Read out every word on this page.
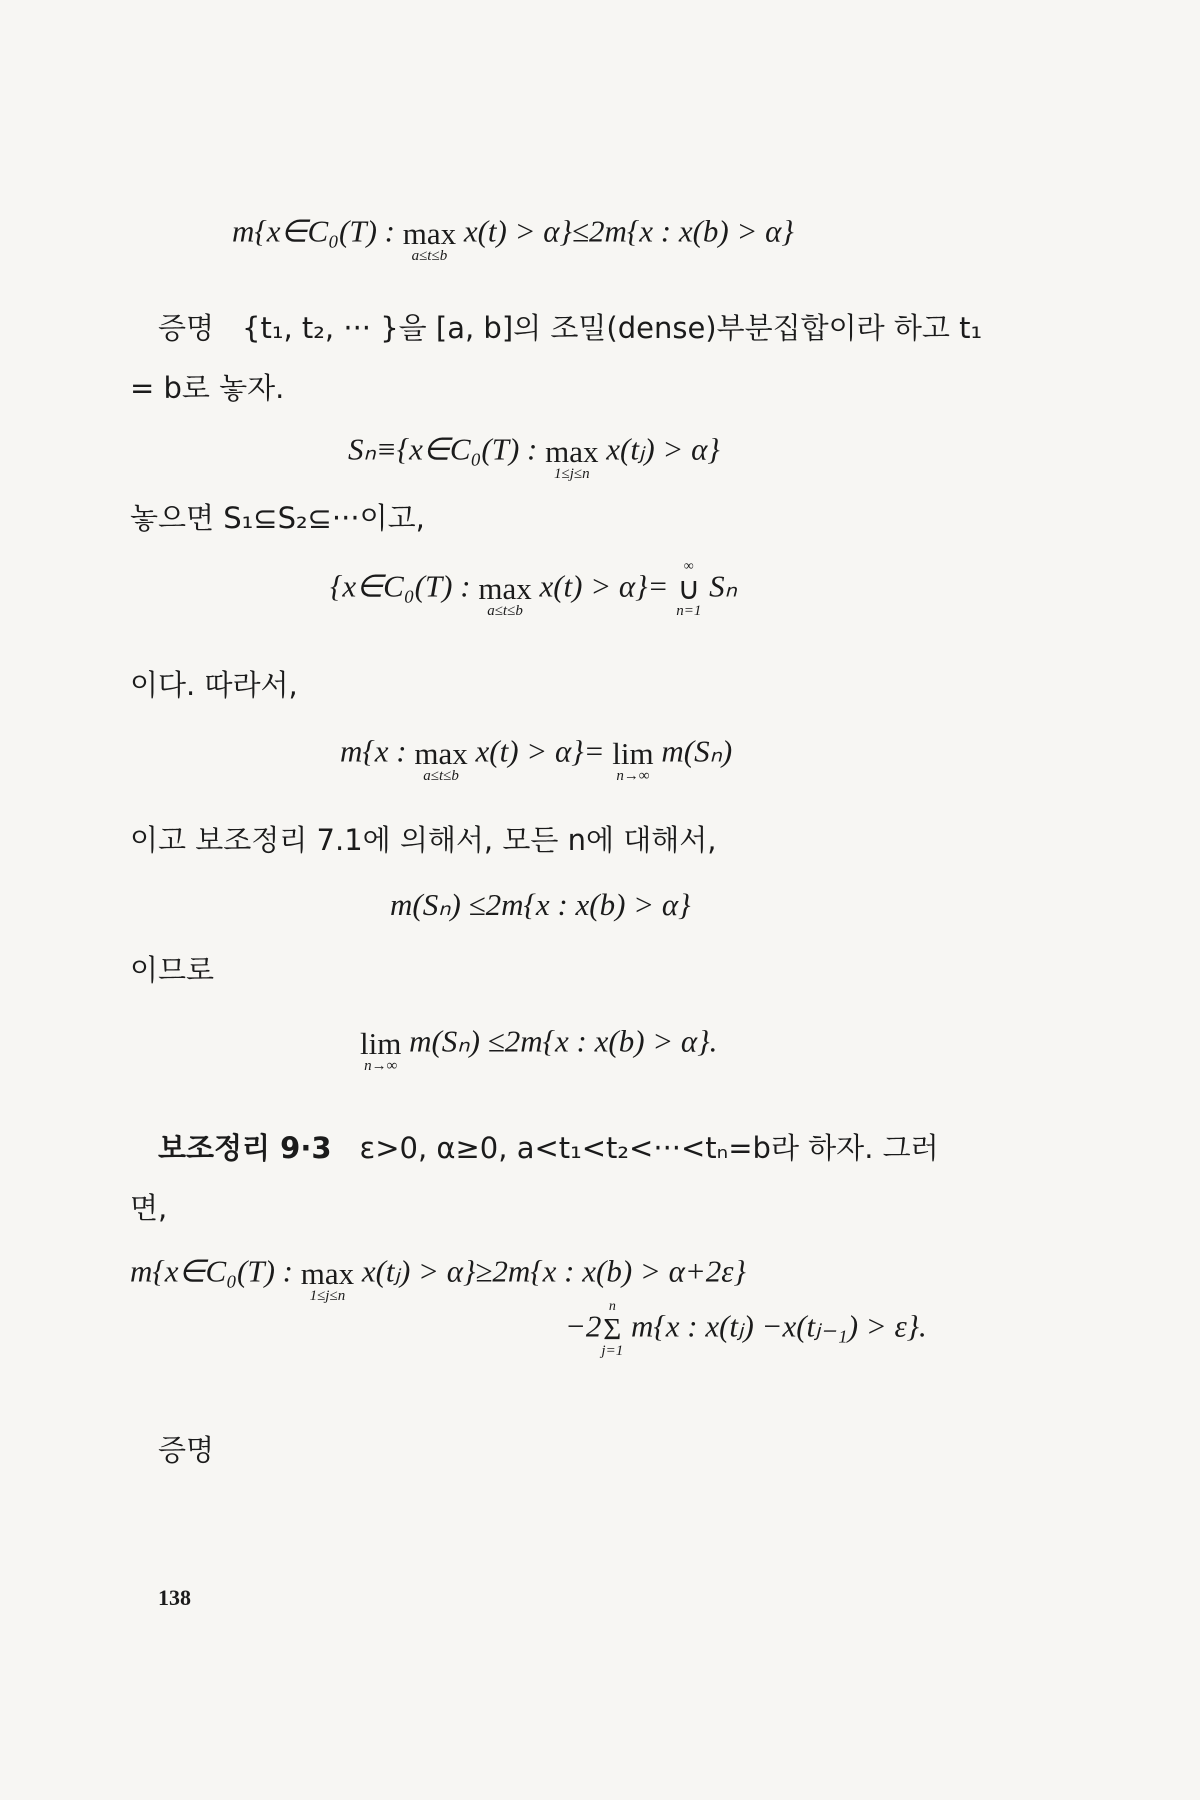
m{x∈C₀(T) : max
a≤t≤b
x(t) > α}≤2m{x : x(b) > α}
증명 {t₁, t₂, ··· }을 [a, b]의 조밀(dense)부분집합이라 하고 t₁
= b로 놓자.
Sₙ≡{x∈C₀(T) : max
1≤j≤n
x(tⱼ) > α}
놓으면 S₁⊆S₂⊆···이고,
{x∈C₀(T) : max
a≤t≤b
x(t) > α}=
∞
∪
n=1
Sₙ
이다. 따라서,
m{x : max
a≤t≤b
x(t) > α}= lim
n→∞
m(Sₙ)
이고 보조정리 7.1에 의해서, 모든 n에 대해서,
m(Sₙ) ≤2m{x : x(b) > α}
이므로
lim
n→∞
m(Sₙ) ≤2m{x : x(b) > α}.
보조정리 9·3 ε>0, α≥0, a<t₁<t₂<···<tₙ=b라 하자. 그러
면,
m{x∈C₀(T) : max
1≤j≤n
x(tⱼ) > α}≥2m{x : x(b) > α+2ε}
−2
n
Σ
j=1
m{x : x(tⱼ) −x(tⱼ₋₁) > ε}.
증명
138
